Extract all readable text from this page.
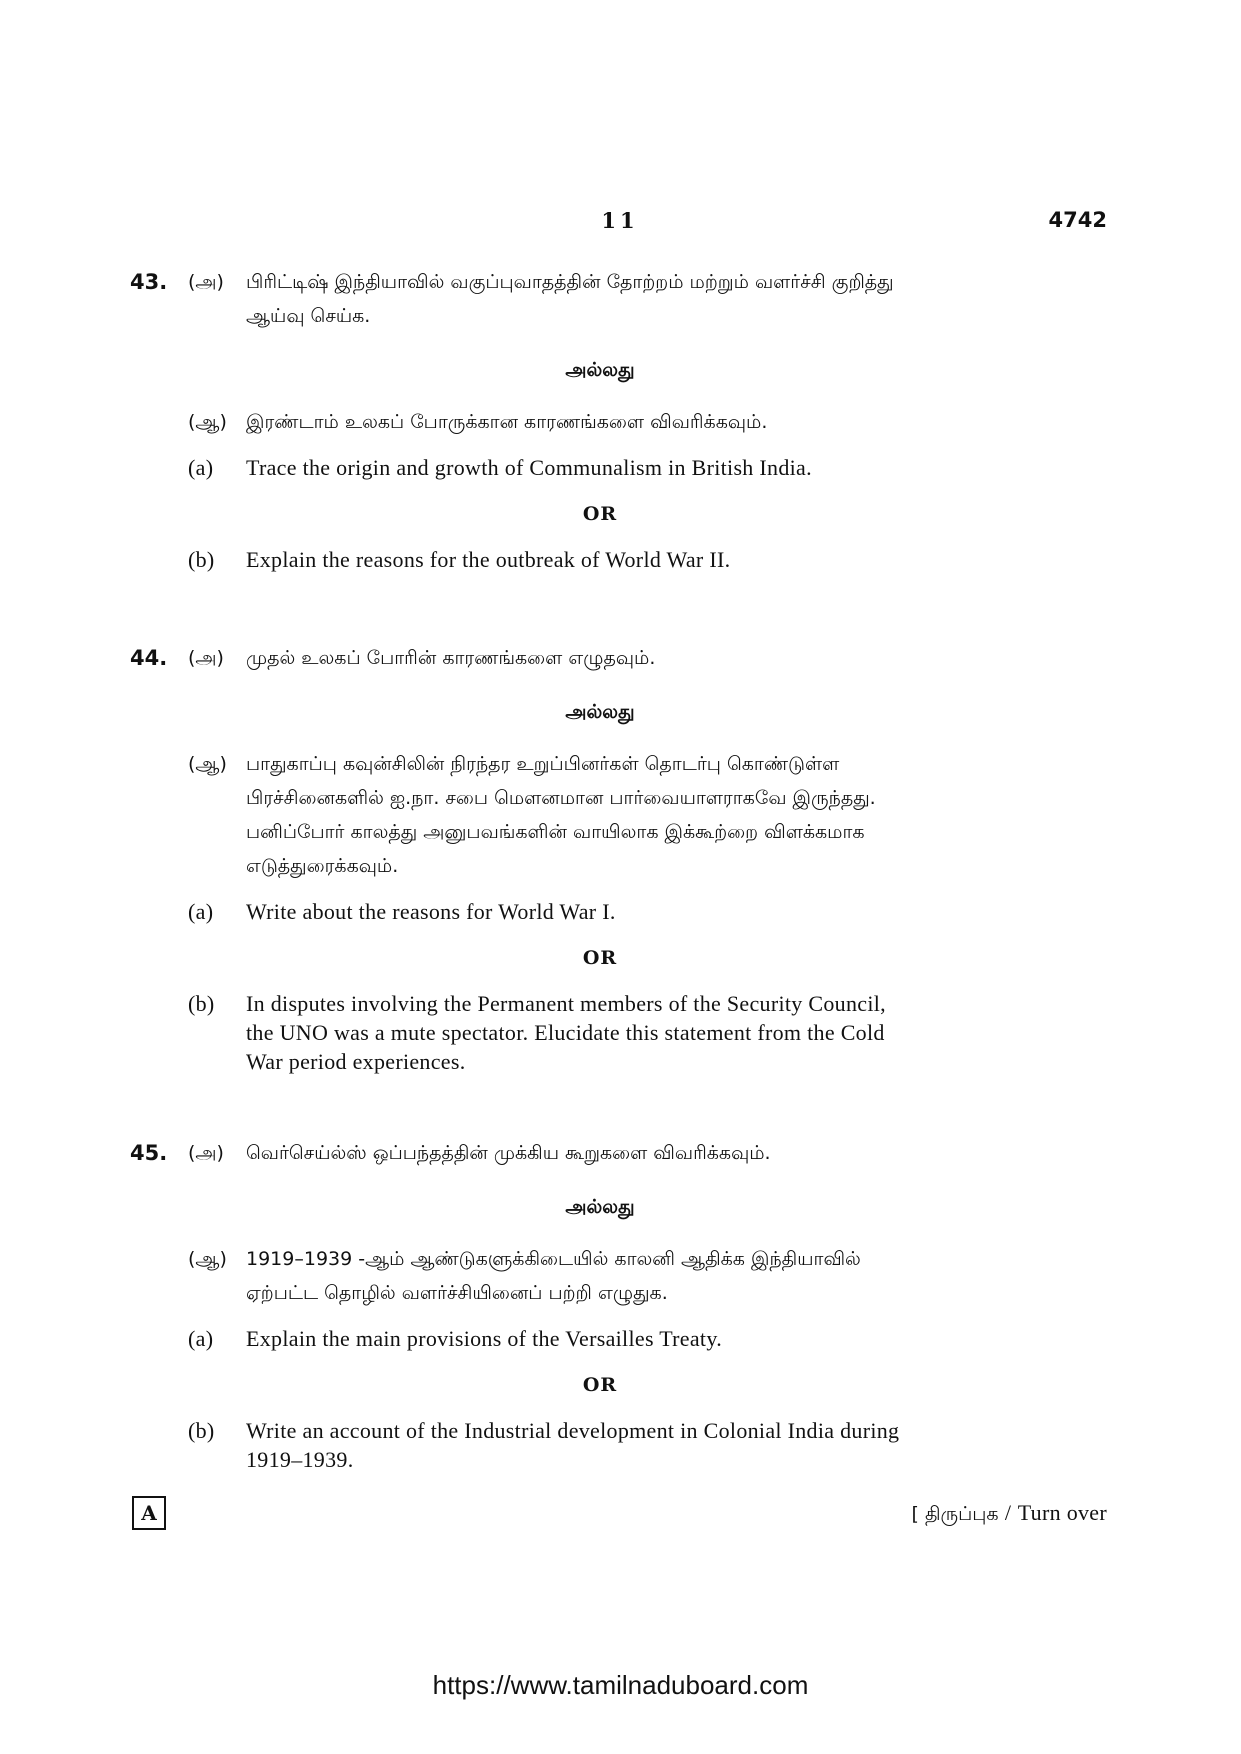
11	4742
43. (அ) பிரிட்டிஷ் இந்தியாவில் வகுப்புவாதத்தின் தோற்றம் மற்றும் வளர்ச்சி குறித்து
ஆய்வு செய்க.
அல்லது
(ஆ) இரண்டாம் உலகப் போருக்கான காரணங்களை விவரிக்கவும்.
(a) Trace the origin and growth of Communalism in British India.
OR
(b) Explain the reasons for the outbreak of World War II.
44. (அ) முதல் உலகப் போரின் காரணங்களை எழுதவும்.
அல்லது
(ஆ) பாதுகாப்பு கவுன்சிலின் நிரந்தர உறுப்பினர்கள் தொடர்பு கொண்டுள்ள
பிரச்சினைகளில் ஐ.நா. சபை மௌனமான பார்வையாளராகவே இருந்தது.
பனிப்போர் காலத்து அனுபவங்களின் வாயிலாக இக்கூற்றை விளக்கமாக
எடுத்துரைக்கவும்.
(a) Write about the reasons for World War I.
OR
(b) In disputes involving the Permanent members of the Security Council,
the UNO was a mute spectator. Elucidate this statement from the Cold
War period experiences.
45. (அ) வெர்செய்ல்ஸ் ஒப்பந்தத்தின் முக்கிய கூறுகளை விவரிக்கவும்.
அல்லது
(ஆ) 1919–1939 -ஆம் ஆண்டுகளுக்கிடையில் காலனி ஆதிக்க இந்தியாவில்
ஏற்பட்ட தொழில் வளர்ச்சியினைப் பற்றி எழுதுக.
(a) Explain the main provisions of the Versailles Treaty.
OR
(b) Write an account of the Industrial development in Colonial India during
1919–1939.
A	[ திருப்புக / Turn over
https://www.tamilnaduboard.com
